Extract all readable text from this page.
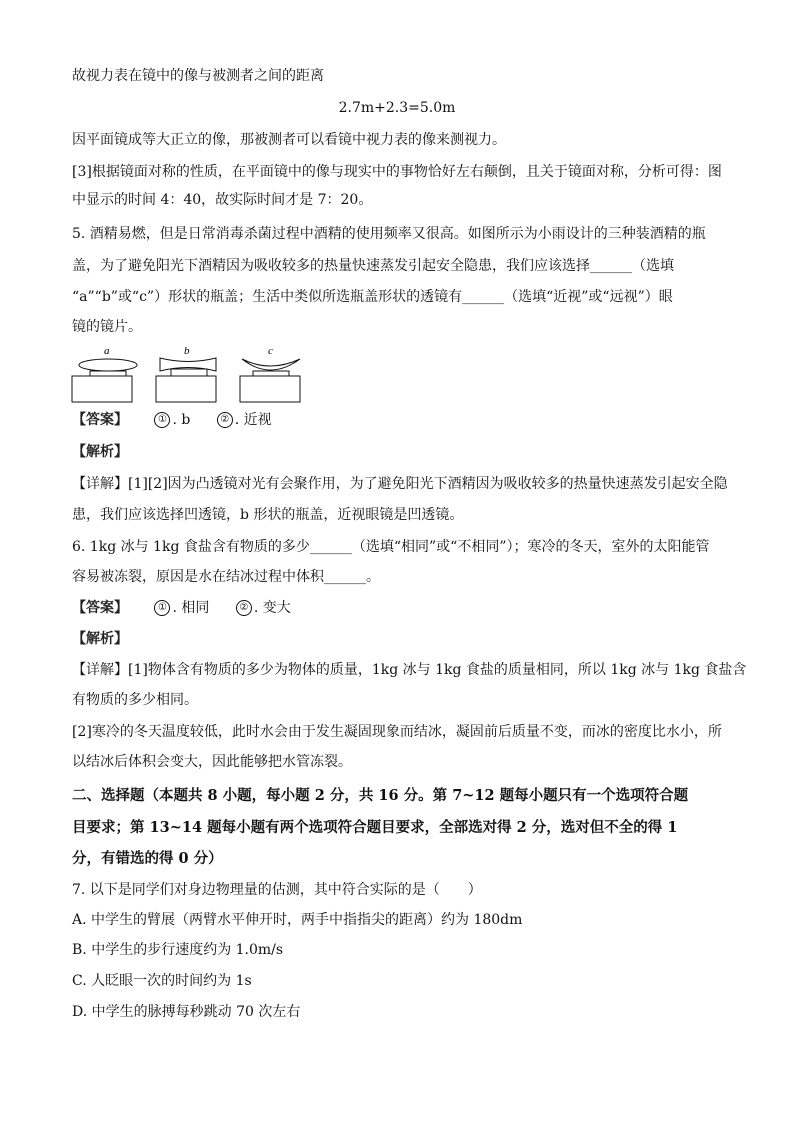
故视力表在镜中的像与被测者之间的距离
2.7m+2.3=5.0m
因平面镜成等大正立的像，那被测者可以看镜中视力表的像来测视力。
[3]根据镜面对称的性质，在平面镜中的像与现实中的事物恰好左右颠倒，且关于镜面对称，分析可得：图
中显示的时间 4：40，故实际时间才是 7：20。
5. 酒精易燃，但是日常消毒杀菌过程中酒精的使用频率又很高。如图所示为小雨设计的三种装酒精的瓶
盖，为了避免阳光下酒精因为吸收较多的热量快速蒸发引起安全隐患，我们应该选择______（选填
“a”“b”或“c”）形状的瓶盖；生活中类似所选瓶盖形状的透镜有______（选填“近视”或“远视”）眼
镜的镜片。
a	b	c
【答案】	① . b	② . 近视
【解析】
【详解】[1][2]因为凸透镜对光有会聚作用，为了避免阳光下酒精因为吸收较多的热量快速蒸发引起安全隐
患，我们应该选择凹透镜，b 形状的瓶盖，近视眼镜是凹透镜。
6. 1kg 冰与 1kg 食盐含有物质的多少______（选填“相同”或“不相同”）；寒冷的冬天，室外的太阳能管
容易被冻裂，原因是水在结冰过程中体积______。
【答案】	① . 相同	② . 变大
【解析】
【详解】[1]物体含有物质的多少为物体的质量，1kg 冰与 1kg 食盐的质量相同，所以 1kg 冰与 1kg 食盐含
有物质的多少相同。
[2]寒冷的冬天温度较低，此时水会由于发生凝固现象而结冰，凝固前后质量不变，而冰的密度比水小，所
以结冰后体积会变大，因此能够把水管冻裂。
二、选择题（本题共 8 小题，每小题 2 分，共 16 分。第 7~12 题每小题只有一个选项符合题
目要求；第 13~14 题每小题有两个选项符合题目要求，全部选对得 2 分，选对但不全的得 1
分，有错选的得 0 分）
7. 以下是同学们对身边物理量的估测，其中符合实际的是（　　）
A. 中学生的臂展（两臂水平伸开时，两手中指指尖的距离）约为 180dm
B. 中学生的步行速度约为 1.0m/s
C. 人眨眼一次的时间约为 1s
D. 中学生的脉搏每秒跳动 70 次左右
